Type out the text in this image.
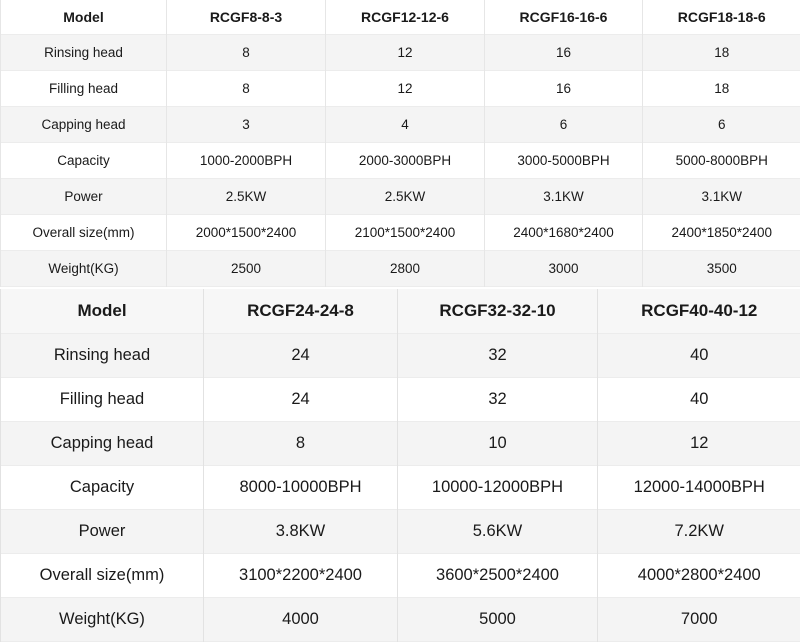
Model	RCGF8-8-3	RCGF12-12-6	RCGF16-16-6	RCGF18-18-6
Rinsing head	8	12	16	18
Filling head	8	12	16	18
Capping head	3	4	6	6
Capacity	1000-2000BPH	2000-3000BPH	3000-5000BPH	5000-8000BPH
Power	2.5KW	2.5KW	3.1KW	3.1KW
Overall size(mm)	2000*1500*2400	2100*1500*2400	2400*1680*2400	2400*1850*2400
Weight(KG)	2500	2800	3000	3500
Model	RCGF24-24-8	RCGF32-32-10	RCGF40-40-12
Rinsing head	24	32	40
Filling head	24	32	40
Capping head	8	10	12
Capacity	8000-10000BPH	10000-12000BPH	12000-14000BPH
Power	3.8KW	5.6KW	7.2KW
Overall size(mm)	3100*2200*2400	3600*2500*2400	4000*2800*2400
Weight(KG)	4000	5000	7000
